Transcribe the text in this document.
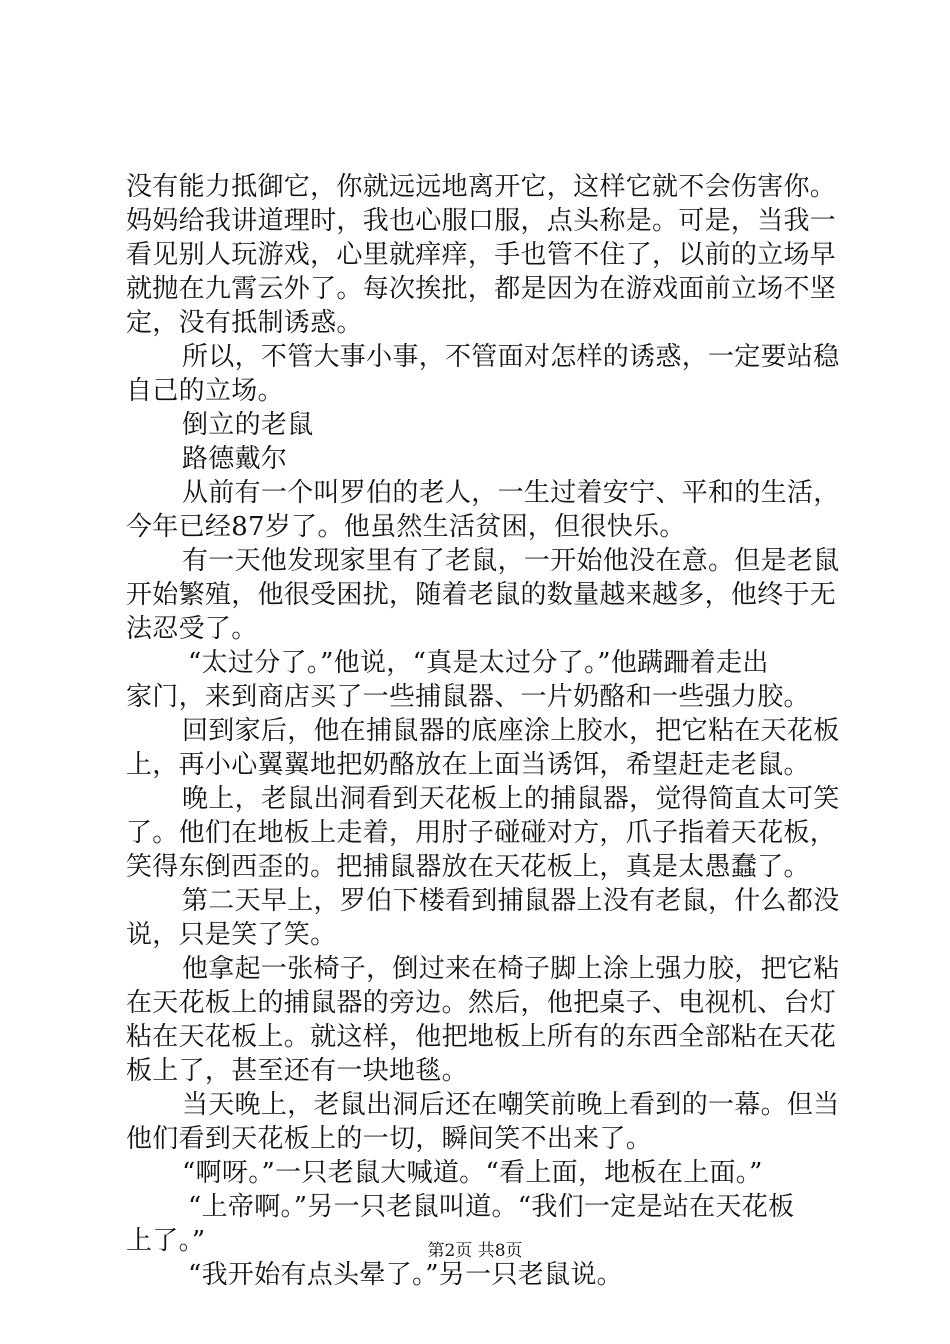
没有能力抵御它，你就远远地离开它，这样它就不会伤害你。
妈妈给我讲道理时，我也心服口服，点头称是。可是，当我一
看见别人玩游戏，心里就痒痒，手也管不住了，以前的立场早
就抛在九霄云外了。每次挨批，都是因为在游戏面前立场不坚
定，没有抵制诱惑。
所以，不管大事小事，不管面对怎样的诱惑，一定要站稳
自己的立场。
倒立的老鼠
路德戴尔
从前有一个叫罗伯的老人，一生过着安宁、平和的生活，
今年已经87岁了。他虽然生活贫困，但很快乐。
有一天他发现家里有了老鼠，一开始他没在意。但是老鼠
开始繁殖，他很受困扰，随着老鼠的数量越来越多，他终于无
法忍受了。
“太过分了。”他说，“真是太过分了。”他蹒跚着走出
家门，来到商店买了一些捕鼠器、一片奶酪和一些强力胶。
回到家后，他在捕鼠器的底座涂上胶水，把它粘在天花板
上，再小心翼翼地把奶酪放在上面当诱饵，希望赶走老鼠。
晚上，老鼠出洞看到天花板上的捕鼠器，觉得简直太可笑
了。他们在地板上走着，用肘子碰碰对方，爪子指着天花板，
笑得东倒西歪的。把捕鼠器放在天花板上，真是太愚蠢了。
第二天早上，罗伯下楼看到捕鼠器上没有老鼠，什么都没
说，只是笑了笑。
他拿起一张椅子，倒过来在椅子脚上涂上强力胶，把它粘
在天花板上的捕鼠器的旁边。然后，他把桌子、电视机、台灯
粘在天花板上。就这样，他把地板上所有的东西全部粘在天花
板上了，甚至还有一块地毯。
当天晚上，老鼠出洞后还在嘲笑前晚上看到的一幕。但当
他们看到天花板上的一切，瞬间笑不出来了。
“啊呀。”一只老鼠大喊道。“看上面，地板在上面。”
“上帝啊。”另一只老鼠叫道。“我们一定是站在天花板
上了。”
“我开始有点头晕了。”另一只老鼠说。
第2页 共8页
